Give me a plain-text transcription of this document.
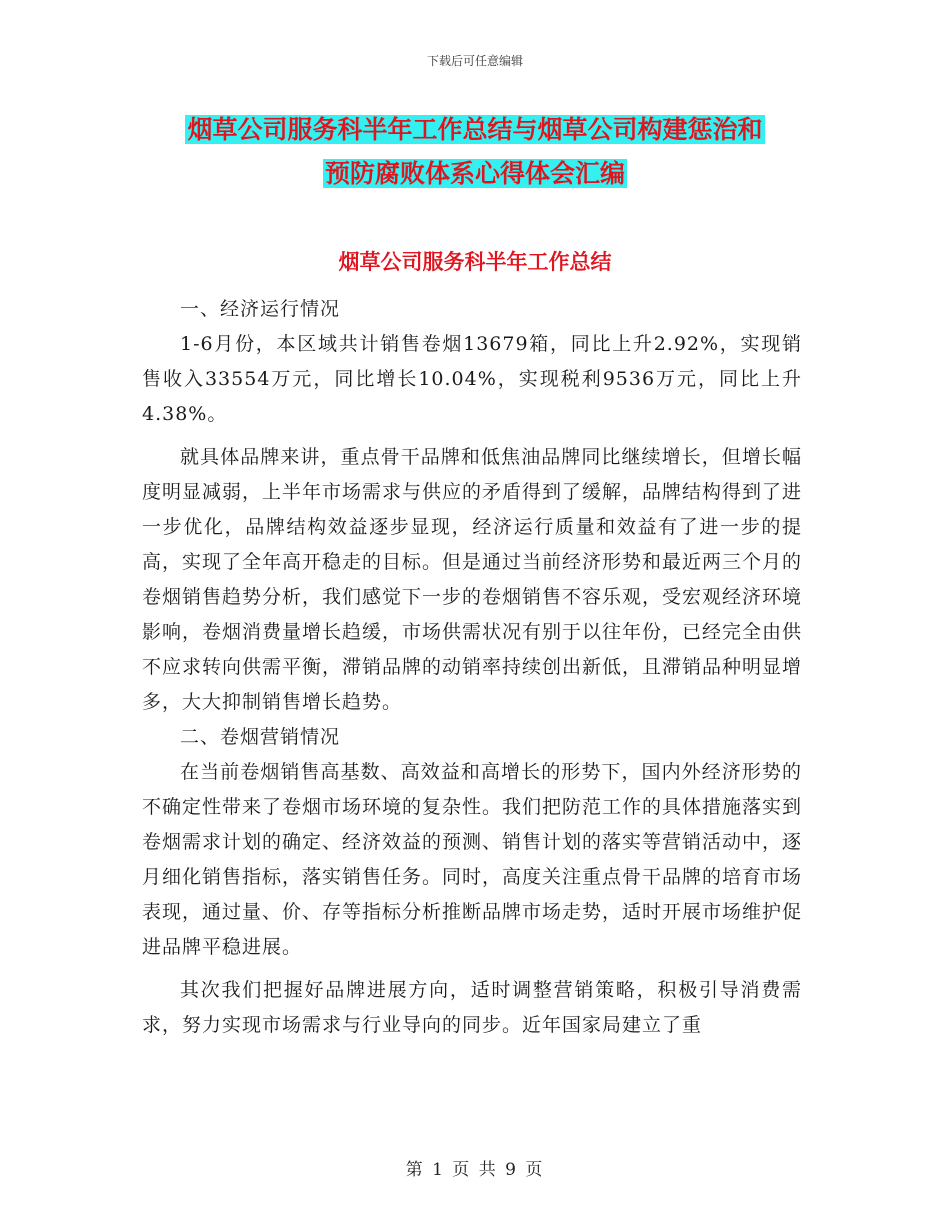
下载后可任意编辑
烟草公司服务科半年工作总结与烟草公司构建惩治和
预防腐败体系心得体会汇编
烟草公司服务科半年工作总结

一、经济运行情况

1-6月份，本区域共计销售卷烟13679箱，同比上升2.92%，实现销售收入33554万元，同比增长10.04%，实现税利9536万元，同比上升4.38%。

就具体品牌来讲，重点骨干品牌和低焦油品牌同比继续增长，但增长幅度明显减弱，上半年市场需求与供应的矛盾得到了缓解，品牌结构得到了进一步优化，品牌结构效益逐步显现，经济运行质量和效益有了进一步的提高，实现了全年高开稳走的目标。但是通过当前经济形势和最近两三个月的卷烟销售趋势分析，我们感觉下一步的卷烟销售不容乐观，受宏观经济环境影响，卷烟消费量增长趋缓，市场供需状况有别于以往年份，已经完全由供不应求转向供需平衡，滞销品牌的动销率持续创出新低，且滞销品种明显增多，大大抑制销售增长趋势。

二、卷烟营销情况

在当前卷烟销售高基数、高效益和高增长的形势下，国内外经济形势的不确定性带来了卷烟市场环境的复杂性。我们把防范工作的具体措施落实到卷烟需求计划的确定、经济效益的预测、销售计划的落实等营销活动中，逐月细化销售指标，落实销售任务。同时，高度关注重点骨干品牌的培育市场表现，通过量、价、存等指标分析推断品牌市场走势，适时开展市场维护促进品牌平稳进展。

其次我们把握好品牌进展方向，适时调整营销策略，积极引导消费需求，努力实现市场需求与行业导向的同步。近年国家局建立了重

第 1 页 共 9 页
